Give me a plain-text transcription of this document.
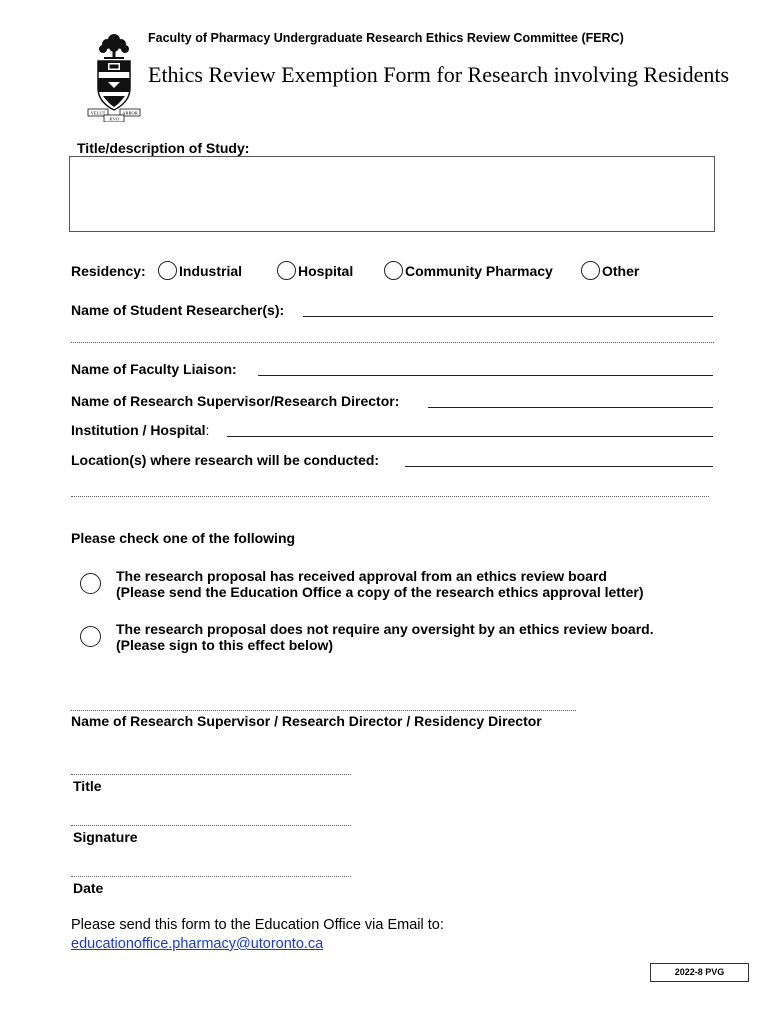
VELUT	ARBOR
ÆVO
Faculty of Pharmacy Undergraduate Research Ethics Review Committee (FERC)
Ethics Review Exemption Form for Research involving Residents
Title/description of Study:
Residency: Industrial	Hospital	Community Pharmacy	Other
Name of Student Researcher(s):
Name of Faculty Liaison:
Name of Research Supervisor/Research Director:
Institution / Hospital:
Location(s) where research will be conducted:
Please check one of the following
The research proposal has received approval from an ethics review board
(Please send the Education Office a copy of the research ethics approval letter)
The research proposal does not require any oversight by an ethics review board.
(Please sign to this effect below)
Name of Research Supervisor / Research Director / Residency Director
Title
Signature
Date
Please send this form to the Education Office via Email to:
educationoffice.pharmacy@utoronto.ca
2022-8 PVG
